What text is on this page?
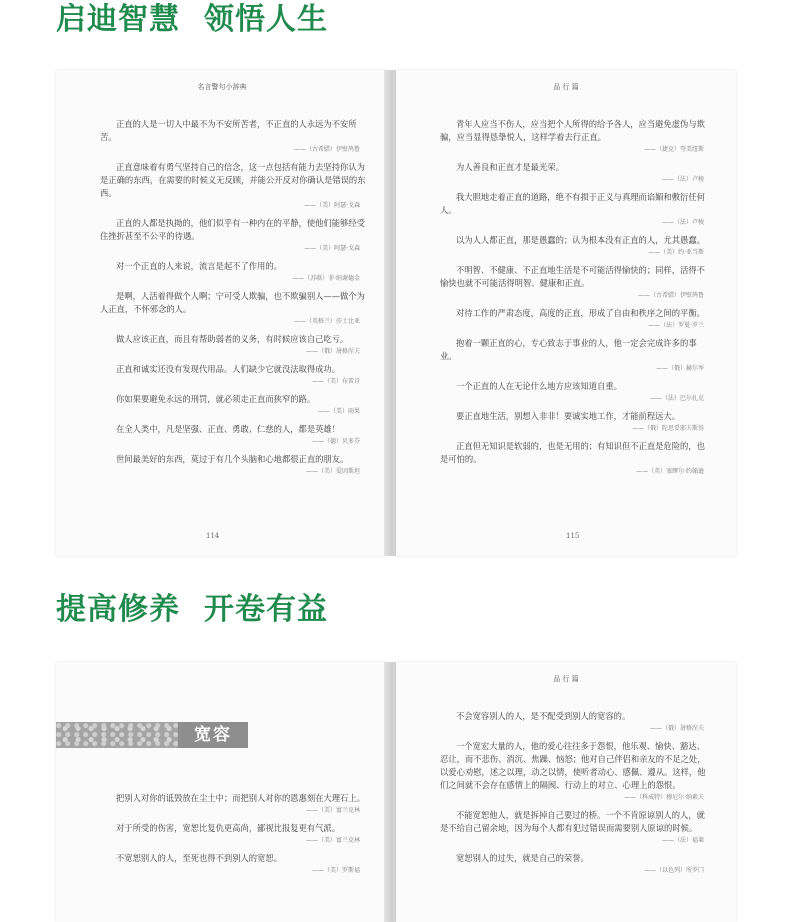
启迪智慧 领悟人生
名言警句小辞典

正直的人是一切人中最不为不安所苦者，不正直的人永远为不安所苦。

——（古希腊）伊壁鸠鲁

正直意味着有勇气坚持自己的信念，这一点包括有能力去坚持你认为是正确的东西，在需要的时候义无反顾，并能公开反对你确认是错误的东西。

——（美）阿瑟·戈森

正直的人都是执拗的，他们似乎有一种内在的平静，使他们能够经受住挫折甚至不公平的待遇。

——（美）阿瑟·戈森

对一个正直的人来说，流言是起不了作用的。

——（苏联）菲·纳谢德金

是啊，人活着得做个人啊；宁可受人欺骗，也不欺骗别人——做个为人正直，不怀邪念的人。

——（英格兰）莎士比亚

做人应该正直，而且有帮助弱者的义务，有时候应该自己吃亏。

——（俄）屠格涅夫

正直和诚实还没有发现代用品。人们缺少它就没法取得成功。

——（美）布雷肯

你如果要避免永远的刑罚，就必须走正直而狭窄的路。

——（美）雨果

在全人类中，凡是坚强、正直、勇敢、仁慈的人，都是英雄！

——（德）贝多芬

世间最美好的东西，莫过于有几个头脑和心地都很正直的朋友。

——（美）爱因斯坦
114
品 行 篇

青年人应当不伤人，应当把个人所得的给予各人，应当避免虚伪与欺骗，应当显得恳挚悦人，这样学着去行正直。

——（捷克）夸美纽斯

为人善良和正直才是最光荣。

——（法）卢梭

我大胆地走着正直的道路，绝不有损于正义与真理而谄媚和敷衍任何人。

——（法）卢梭

以为人人都正直，那是愚蠢的；认为根本没有正直的人，尤其愚蠢。

——（美）约·亚当斯

不明智、不健康、不正直地生活是不可能活得愉快的；同样，活得不愉快也就不可能活得明智、健康和正直。

——（古希腊）伊壁鸠鲁

对待工作的严肃态度，高度的正直，形成了自由和秩序之间的平衡。

——（法）罗曼·罗兰

抱着一颗正直的心，专心致志于事业的人，他一定会完成许多的事业。

——（俄）赫尔岑

一个正直的人在无论什么地方应该知道自重。

——（法）巴尔扎克

要正直地生活，别想入非非！要诚实地工作，才能前程远大。

——（俄）陀思妥耶夫斯基

正直但无知识是软弱的，也是无用的；有知识但不正直是危险的，也是可怕的。

——（英）塞缪尔·约翰逊
115
提高修养 开卷有益
宽容

把别人对你的诋毁放在尘土中；而把别人对你的恩惠刻在大理石上。

——（美）富兰克林

对于所受的伤害，宽恕比复仇更高尚，鄙视比报复更有气派。

——（美）富兰克林

不宽恕别人的人，至死也得不到别人的宽恕。

——（美）罗斯福
品 行 篇

不会宽容别人的人，是不配受到别人的宽容的。

——（俄）屠格涅夫

一个宽宏大量的人，他的爱心往往多于怨恨，他乐观、愉快、豁达、忍让，而不悲伤、消沉、焦躁、恼怒；他对自己伴侣和亲友的不足之处，以爱心劝慰，述之以理，动之以情，使听者动心、感佩、遵从。这样，他们之间就不会存在感情上的隔阂、行动上的对立、心理上的怨恨。

——（科威特）穆尼尔·纳素夫

不能宽恕他人，就是拆掉自己要过的桥。一个不肯原谅别人的人，就是不给自己留余地，因为每个人都有犯过错误而需要别人原谅的时候。

——（法）福莱

宽恕别人的过失，就是自己的荣誉。

——（以色列）所罗门
